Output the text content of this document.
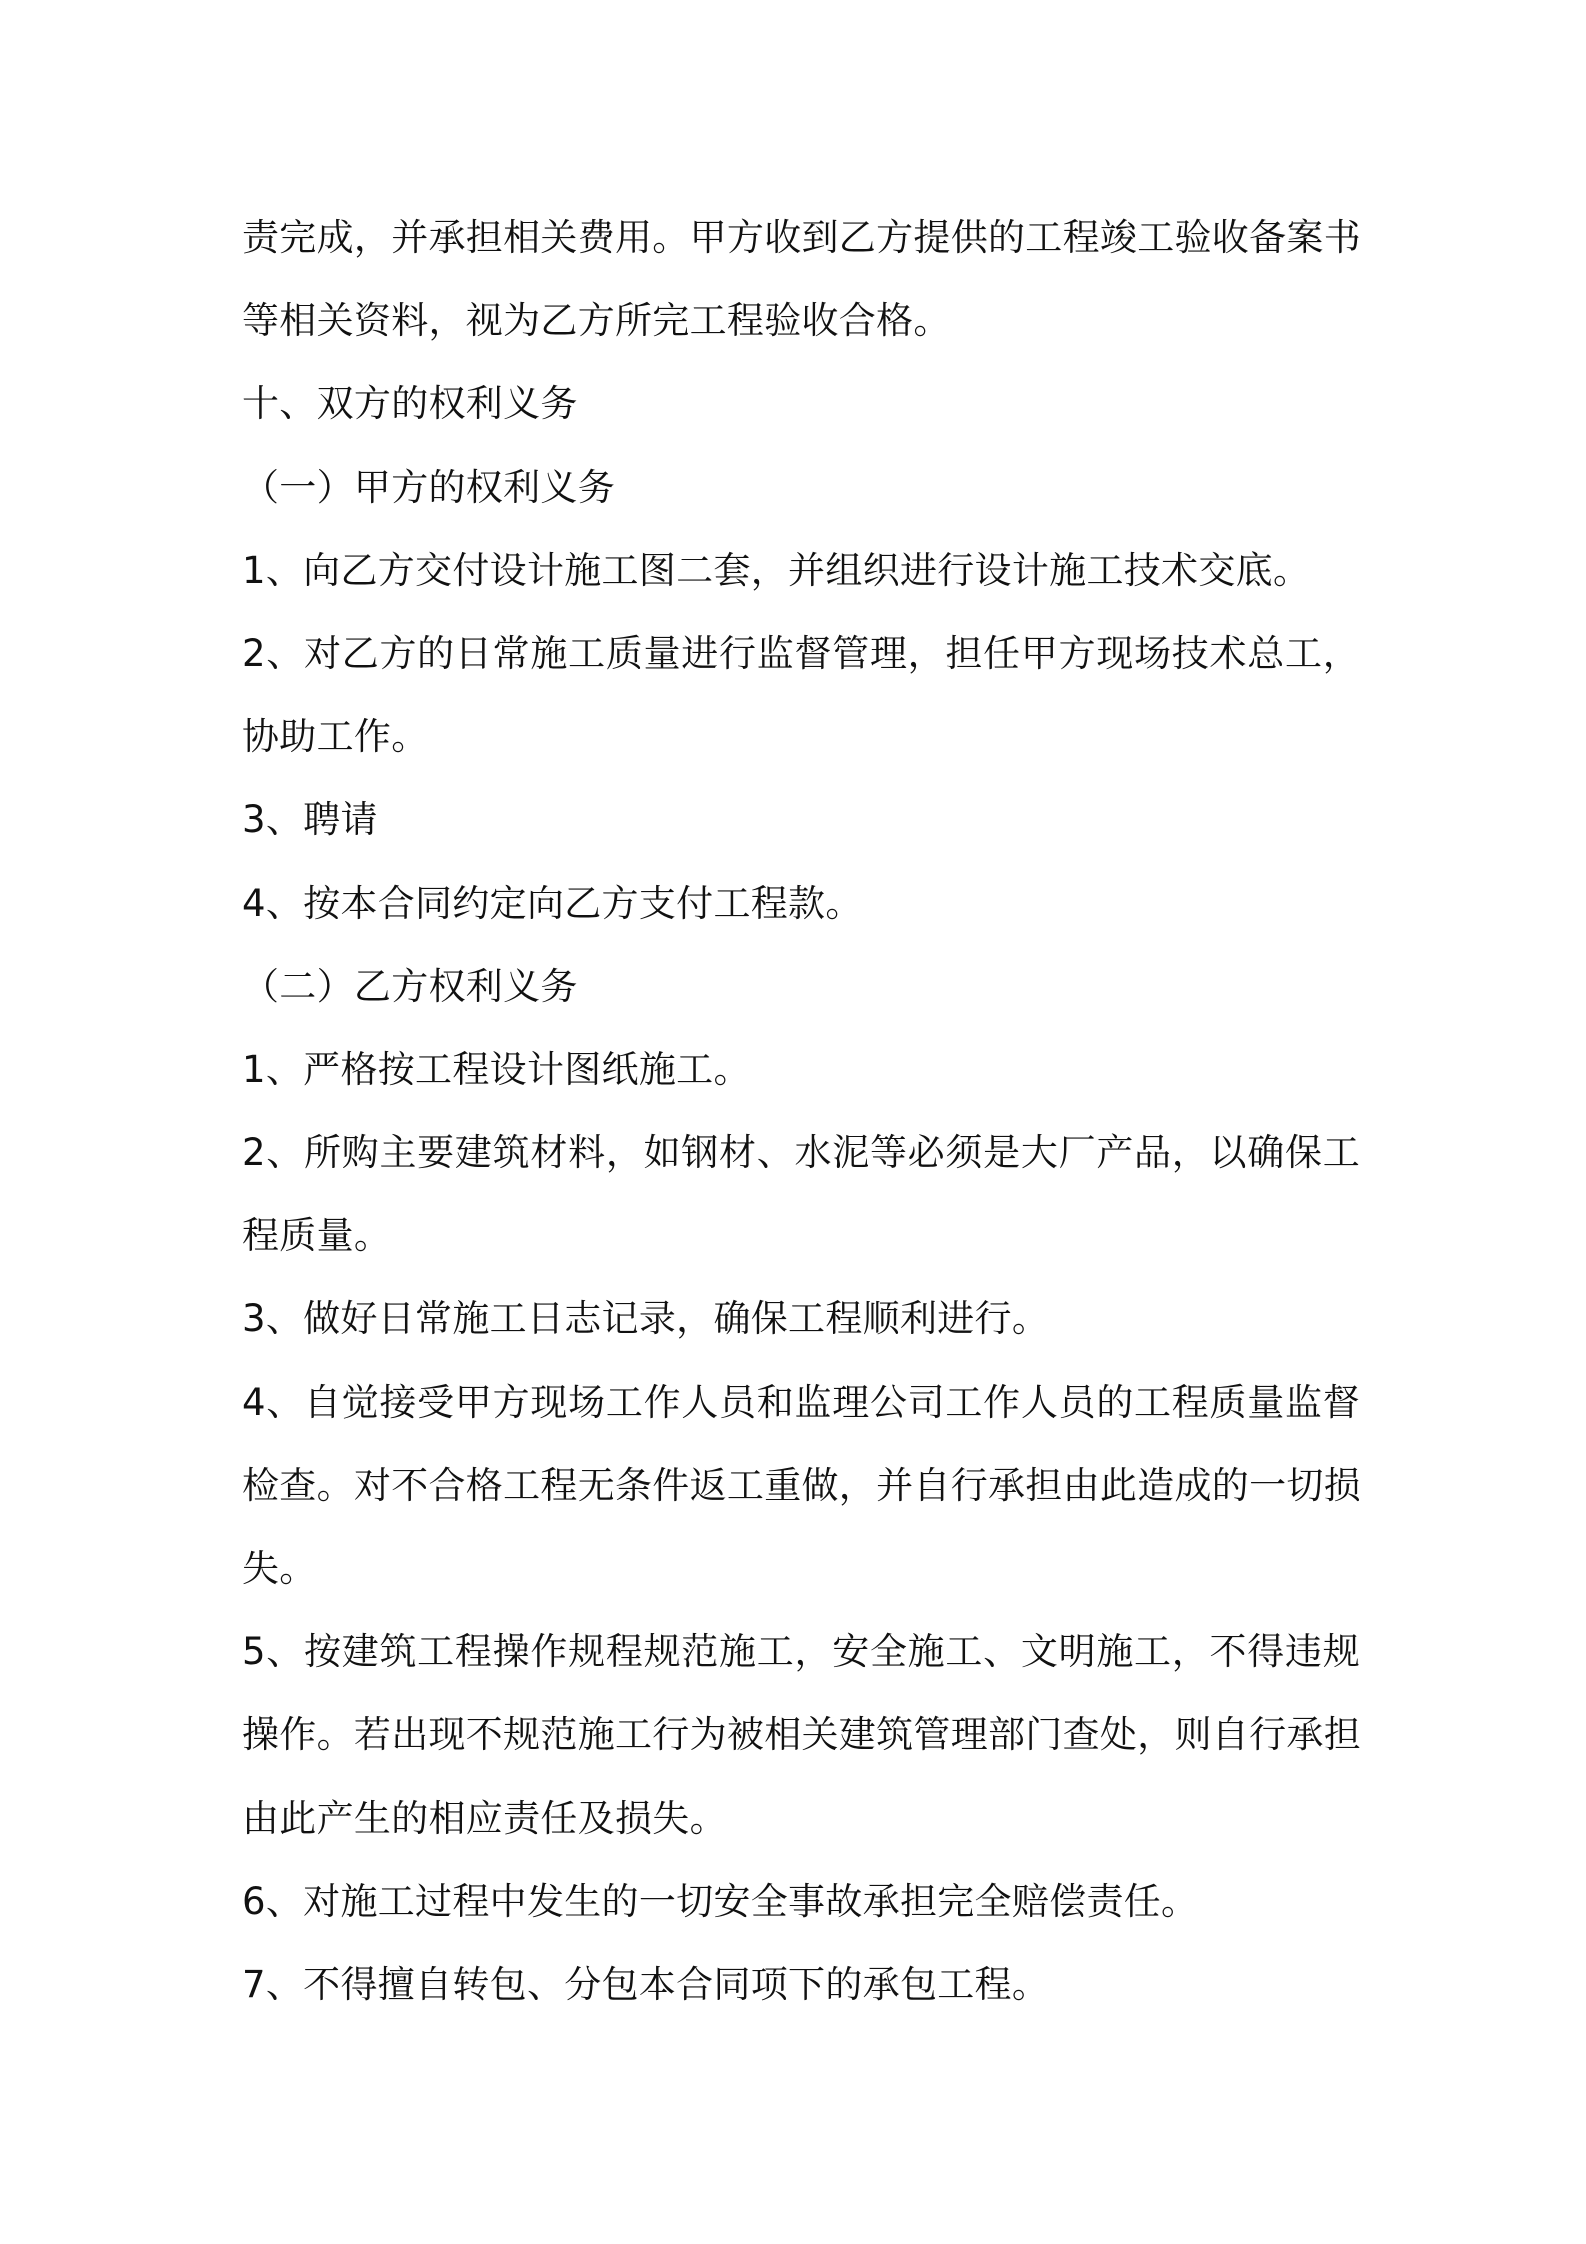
责完成，并承担相关费用。甲方收到乙方提供的工程竣工验收备案书
等相关资料，视为乙方所完工程验收合格。
十、双方的权利义务
（一）甲方的权利义务
1、向乙方交付设计施工图二套，并组织进行设计施工技术交底。
2、对乙方的日常施工质量进行监督管理，担任甲方现场技术总工，
协助工作。
3、聘请
4、按本合同约定向乙方支付工程款。
（二）乙方权利义务
1、严格按工程设计图纸施工。
2、所购主要建筑材料，如钢材、水泥等必须是大厂产品，以确保工
程质量。
3、做好日常施工日志记录，确保工程顺利进行。
4、自觉接受甲方现场工作人员和监理公司工作人员的工程质量监督
检查。对不合格工程无条件返工重做，并自行承担由此造成的一切损
失。
5、按建筑工程操作规程规范施工，安全施工、文明施工，不得违规
操作。若出现不规范施工行为被相关建筑管理部门查处，则自行承担
由此产生的相应责任及损失。
6、对施工过程中发生的一切安全事故承担完全赔偿责任。
7、不得擅自转包、分包本合同项下的承包工程。
